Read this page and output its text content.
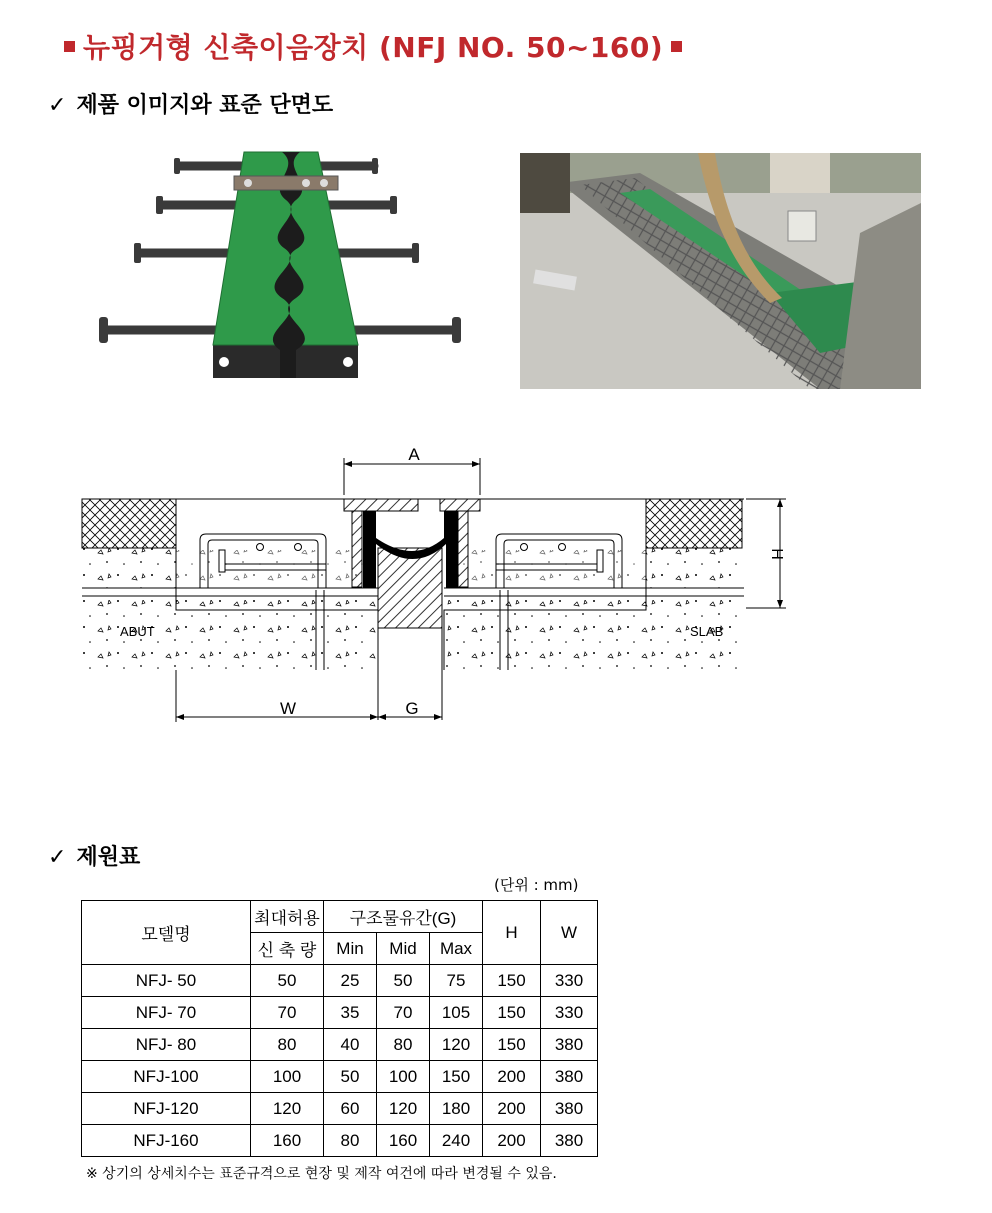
뉴핑거형 신축이음장치 (NFJ NO. 50~160)
✓ 제품 이미지와 표준 단면도
A
H
W	G
ABUT	SLAB
✓ 제원표
(단위 : mm)
모델명	최대허용	구조물유간(G)			H	W
	신 축 량	Min	Mid	Max		
NFJ- 50	50	25	50	75	150	330
NFJ- 70	70	35	70	105	150	330
NFJ- 80	80	40	80	120	150	380
NFJ-100	100	50	100	150	200	380
NFJ-120	120	60	120	180	200	380
NFJ-160	160	80	160	240	200	380
※ 상기의 상세치수는 표준규격으로 현장 및 제작 여건에 따라 변경될 수 있음.
